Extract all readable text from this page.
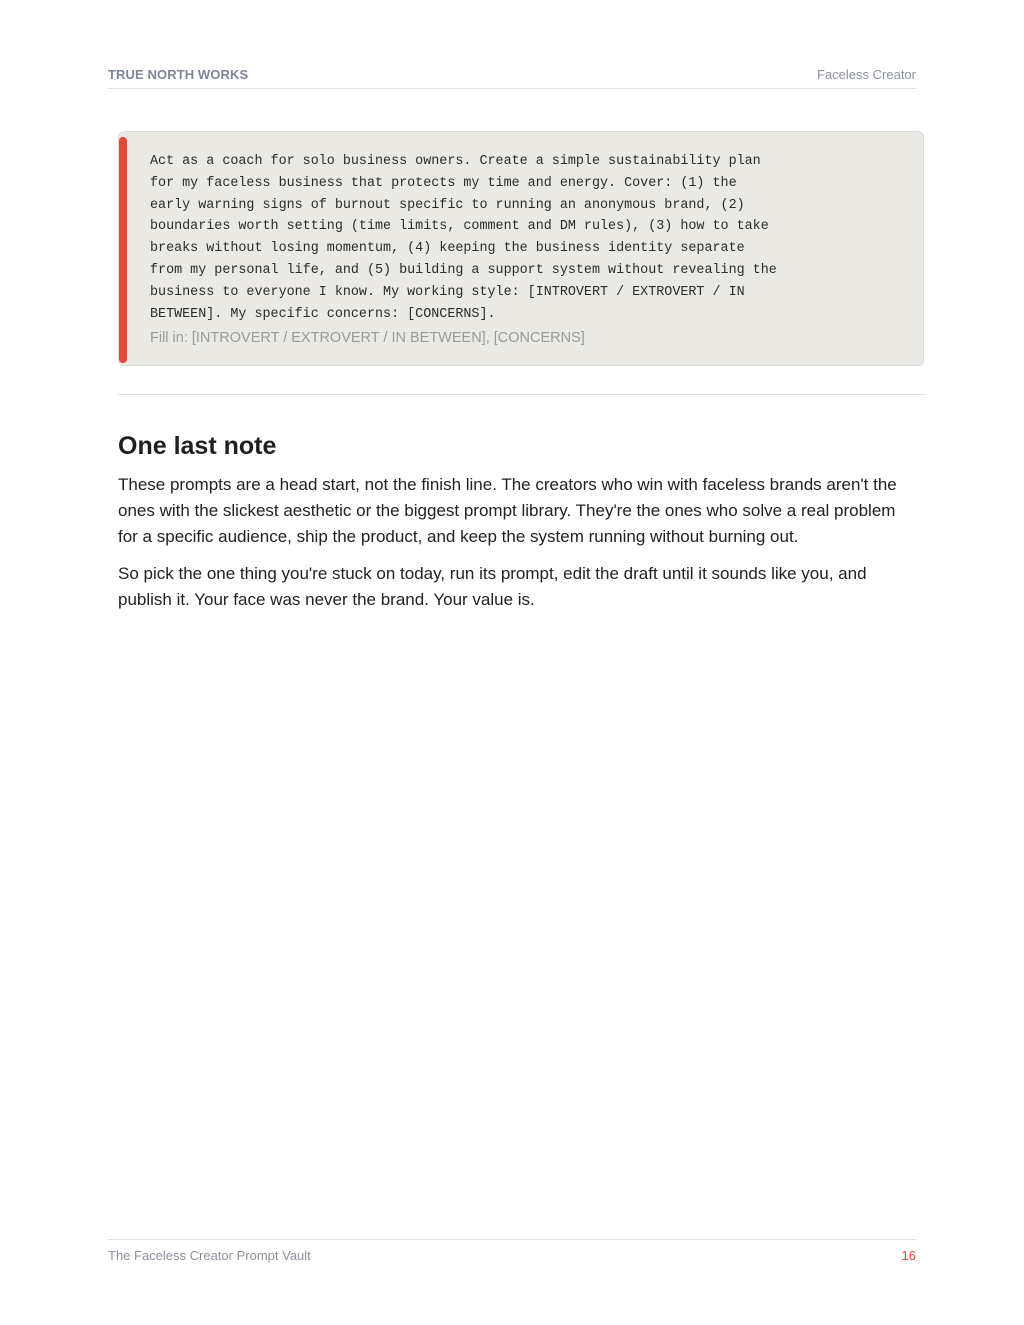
TRUE NORTH WORKS	Faceless Creator
Act as a coach for solo business owners. Create a simple sustainability plan
for my faceless business that protects my time and energy. Cover: (1) the
early warning signs of burnout specific to running an anonymous brand, (2)
boundaries worth setting (time limits, comment and DM rules), (3) how to take
breaks without losing momentum, (4) keeping the business identity separate
from my personal life, and (5) building a support system without revealing the
business to everyone I know. My working style: [INTROVERT / EXTROVERT / IN
BETWEEN]. My specific concerns: [CONCERNS].
Fill in: [INTROVERT / EXTROVERT / IN BETWEEN], [CONCERNS]
One last note

These prompts are a head start, not the finish line. The creators who win with faceless brands aren't the ones with the slickest aesthetic or the biggest prompt library. They're the ones who solve a real problem for a specific audience, ship the product, and keep the system running without burning out.

So pick the one thing you're stuck on today, run its prompt, edit the draft until it sounds like you, and publish it. Your face was never the brand. Your value is.

The Faceless Creator Prompt Vault	16
